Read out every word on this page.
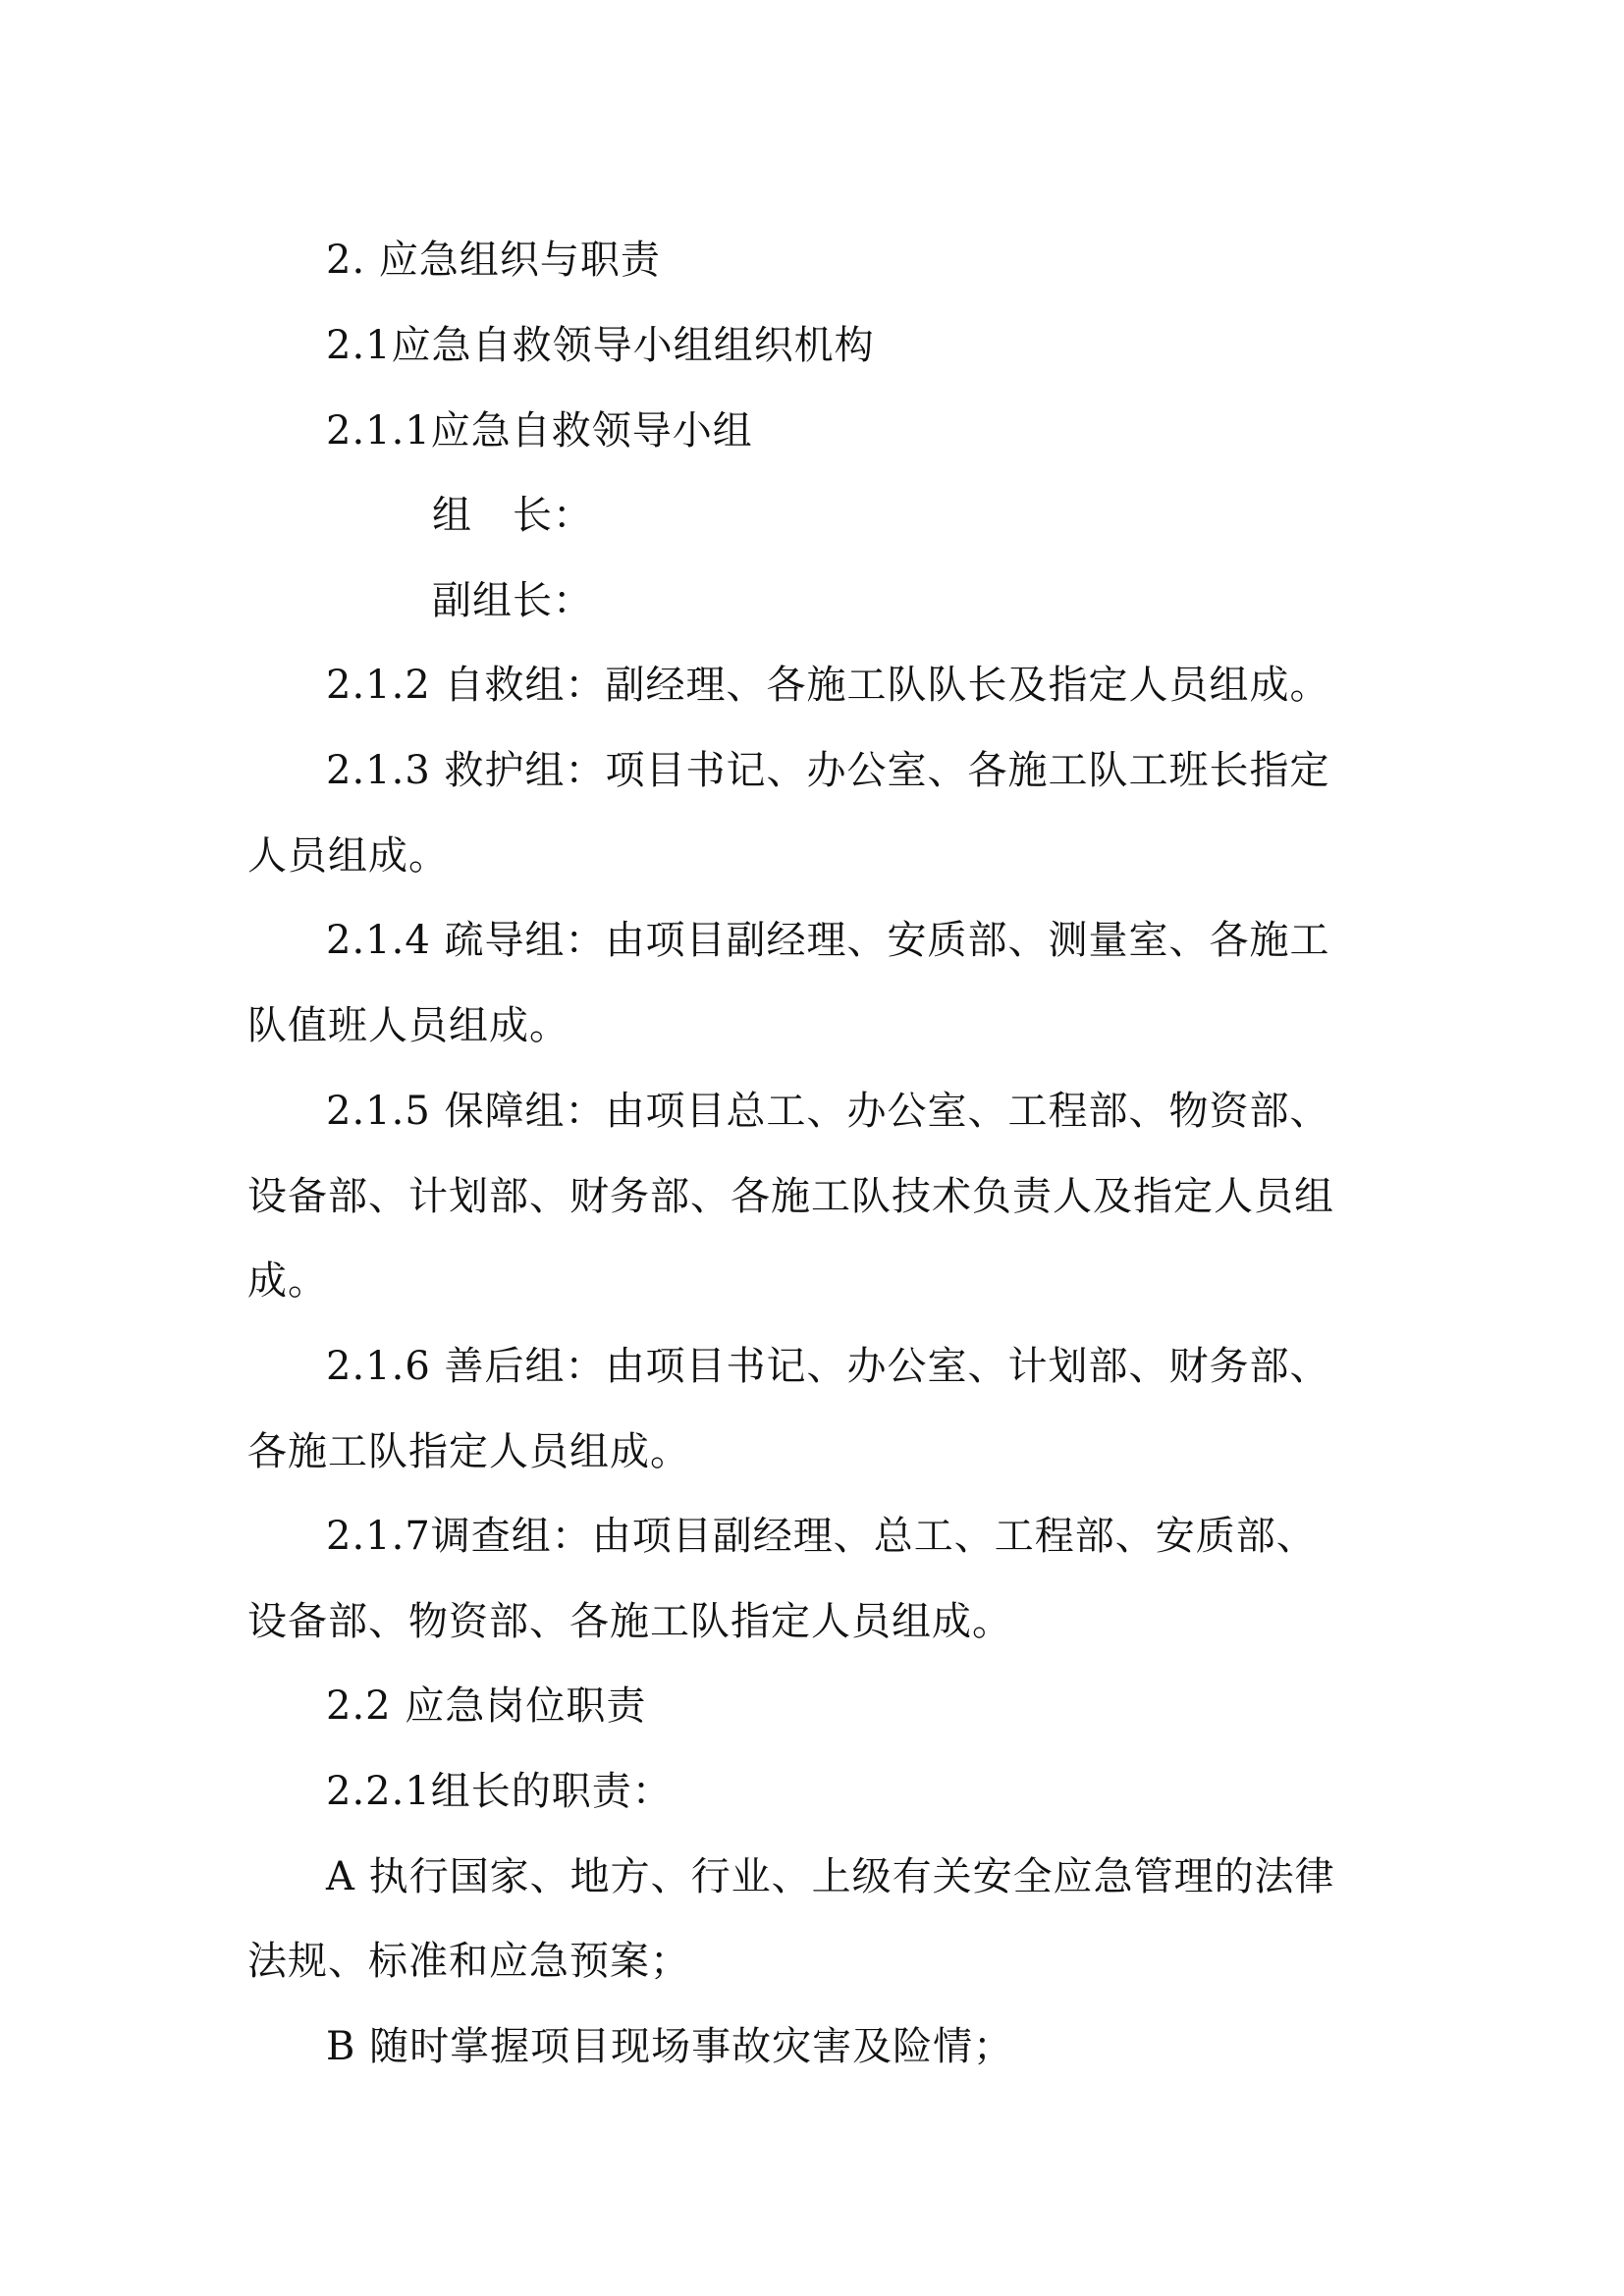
2. 应急组织与职责

2.1应急自救领导小组组织机构

2.1.1应急自救领导小组

组　长：

副组长：

2.1.2 自救组：副经理、各施工队队长及指定人员组成。

2.1.3 救护组：项目书记、办公室、各施工队工班长指定

人员组成。

2.1.4 疏导组：由项目副经理、安质部、测量室、各施工

队值班人员组成。

2.1.5 保障组：由项目总工、办公室、工程部、物资部、

设备部、计划部、财务部、各施工队技术负责人及指定人员组

成。

2.1.6 善后组：由项目书记、办公室、计划部、财务部、

各施工队指定人员组成。

2.1.7调查组：由项目副经理、总工、工程部、安质部、

设备部、物资部、各施工队指定人员组成。

2.2 应急岗位职责

2.2.1组长的职责：

A 执行国家、地方、行业、上级有关安全应急管理的法律

法规、标准和应急预案；

B 随时掌握项目现场事故灾害及险情；
